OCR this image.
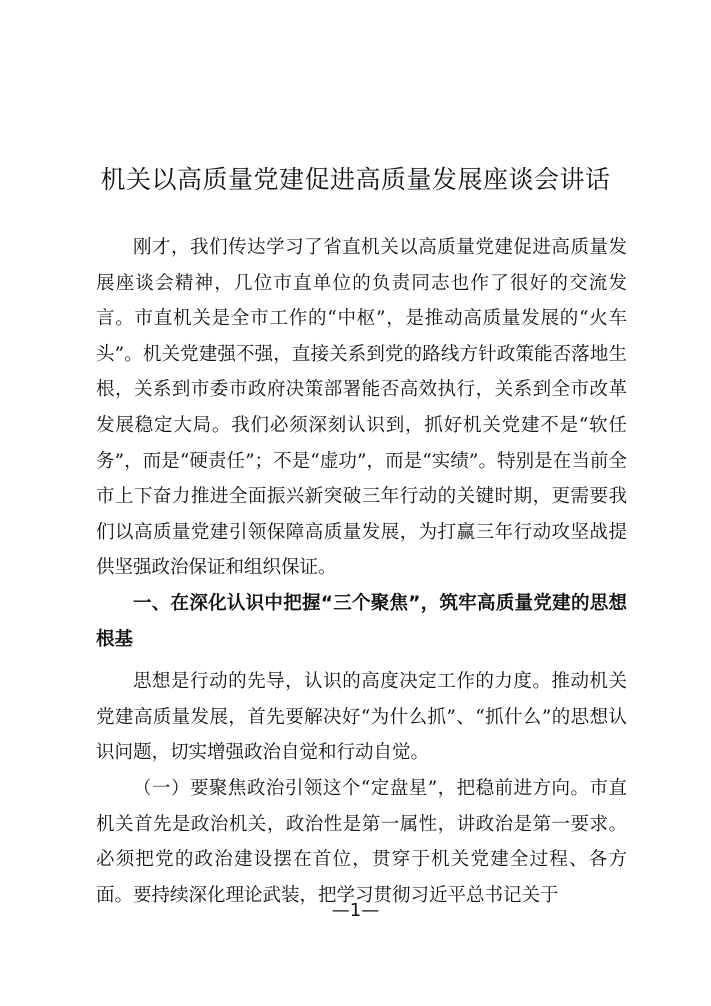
机关以高质量党建促进高质量发展座谈会讲话

刚才，我们传达学习了省直机关以高质量党建促进高质量发展座谈会精神，几位市直单位的负责同志也作了很好的交流发言。市直机关是全市工作的“中枢”，是推动高质量发展的“火车头”。机关党建强不强，直接关系到党的路线方针政策能否落地生根，关系到市委市政府决策部署能否高效执行，关系到全市改革发展稳定大局。我们必须深刻认识到，抓好机关党建不是“软任务”，而是“硬责任”；不是“虚功”，而是“实绩”。特别是在当前全市上下奋力推进全面振兴新突破三年行动的关键时期，更需要我们以高质量党建引领保障高质量发展，为打赢三年行动攻坚战提供坚强政治保证和组织保证。

一、在深化认识中把握“三个聚焦”，筑牢高质量党建的思想根基

思想是行动的先导，认识的高度决定工作的力度。推动机关党建高质量发展，首先要解决好“为什么抓”、“抓什么”的思想认识问题，切实增强政治自觉和行动自觉。

（一）要聚焦政治引领这个“定盘星”，把稳前进方向。市直机关首先是政治机关，政治性是第一属性，讲政治是第一要求。必须把党的政治建设摆在首位，贯穿于机关党建全过程、各方面。要持续深化理论武装，把学习贯彻习近平总书记关于

—1—
